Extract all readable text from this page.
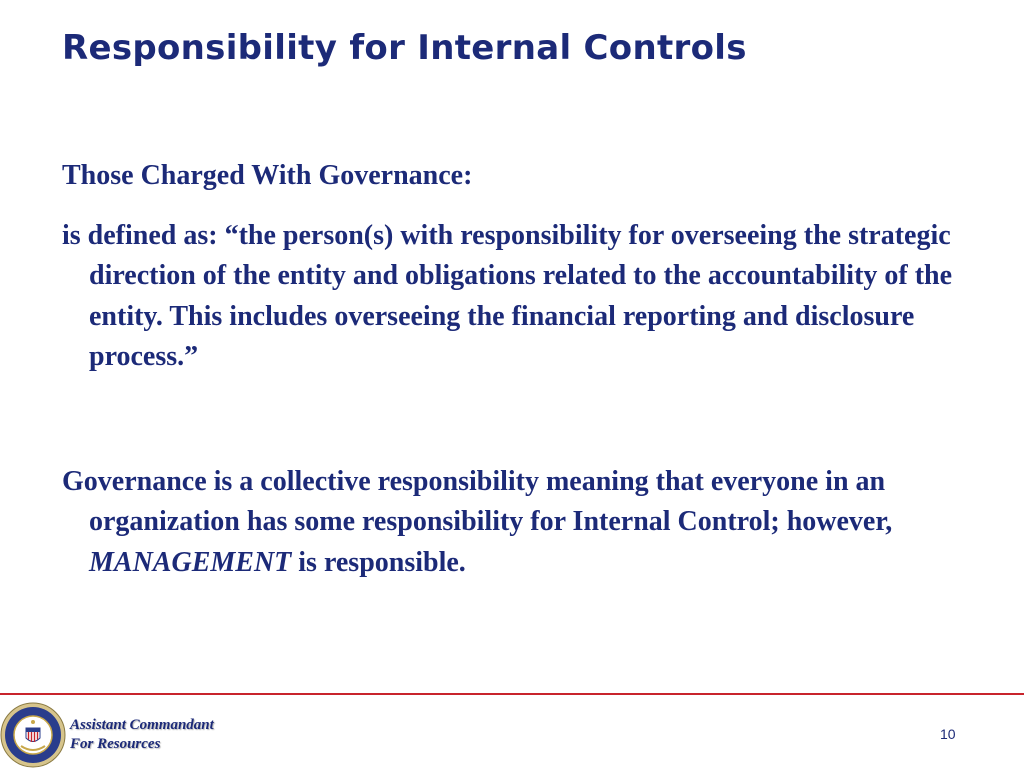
Responsibility for Internal Controls

Those Charged With Governance:

is defined as: “the person(s) with responsibility for overseeing the strategic direction of the entity and obligations related to the accountability of the entity. This includes overseeing the financial reporting and disclosure process.”

Governance is a collective responsibility meaning that everyone in an organization has some responsibility for Internal Control; however, MANAGEMENT is responsible.

Assistant Commandant
For Resources
10
